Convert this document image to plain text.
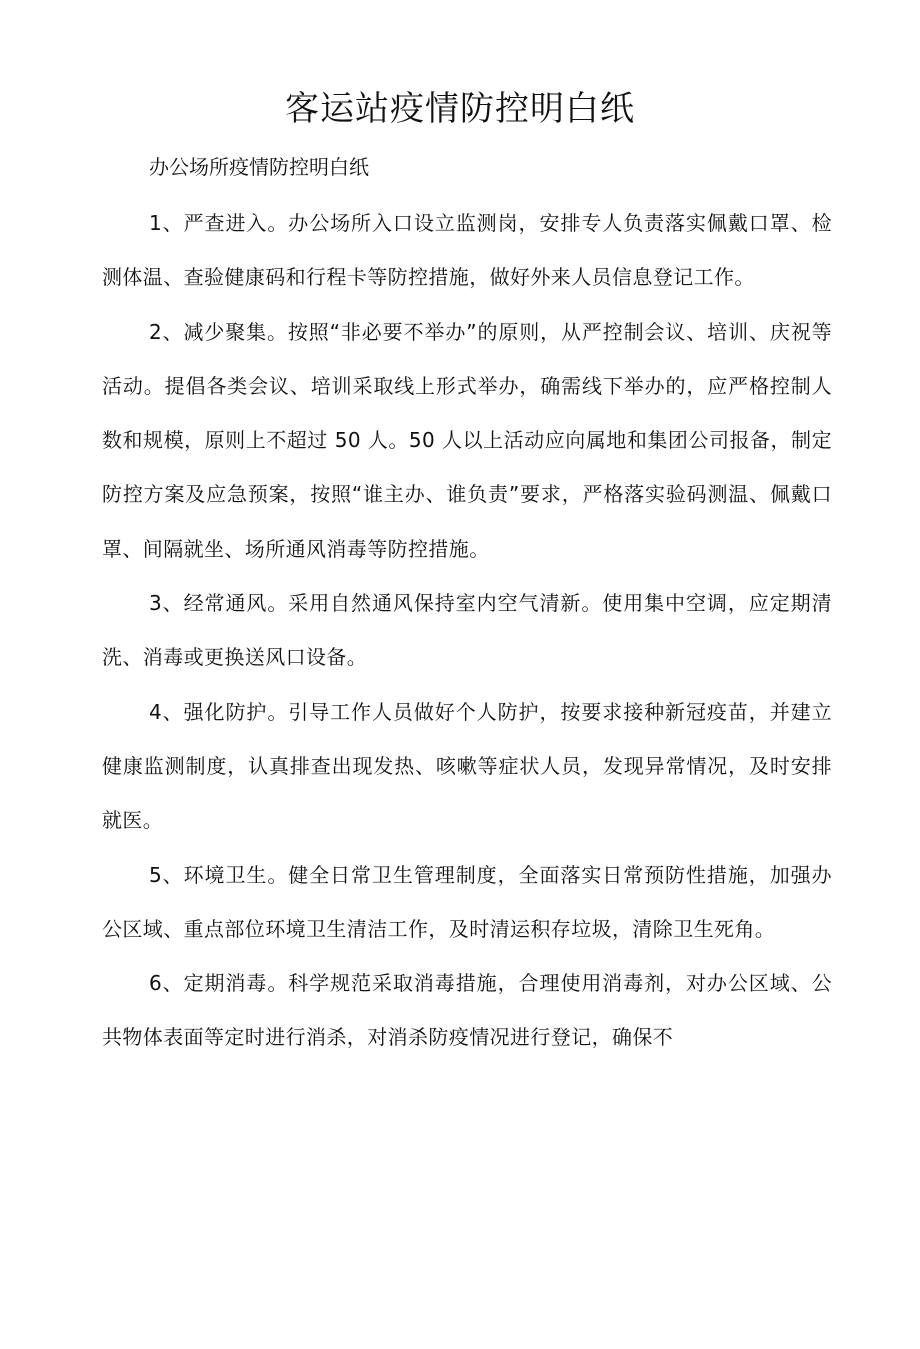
客运站疫情防控明白纸

办公场所疫情防控明白纸

1、严查进入。办公场所入口设立监测岗，安排专人负责落实佩戴口罩、检测体温、查验健康码和行程卡等防控措施，做好外来人员信息登记工作。

2、减少聚集。按照“非必要不举办”的原则，从严控制会议、培训、庆祝等活动。提倡各类会议、培训采取线上形式举办，确需线下举办的，应严格控制人数和规模，原则上不超过 50 人。50 人以上活动应向属地和集团公司报备，制定防控方案及应急预案，按照“谁主办、谁负责”要求，严格落实验码测温、佩戴口罩、间隔就坐、场所通风消毒等防控措施。

3、经常通风。采用自然通风保持室内空气清新。使用集中空调，应定期清洗、消毒或更换送风口设备。

4、强化防护。引导工作人员做好个人防护，按要求接种新冠疫苗，并建立健康监测制度，认真排查出现发热、咳嗽等症状人员，发现异常情况，及时安排就医。

5、环境卫生。健全日常卫生管理制度，全面落实日常预防性措施，加强办公区域、重点部位环境卫生清洁工作，及时清运积存垃圾，清除卫生死角。

6、定期消毒。科学规范采取消毒措施，合理使用消毒剂，对办公区域、公共物体表面等定时进行消杀，对消杀防疫情况进行登记，确保不
